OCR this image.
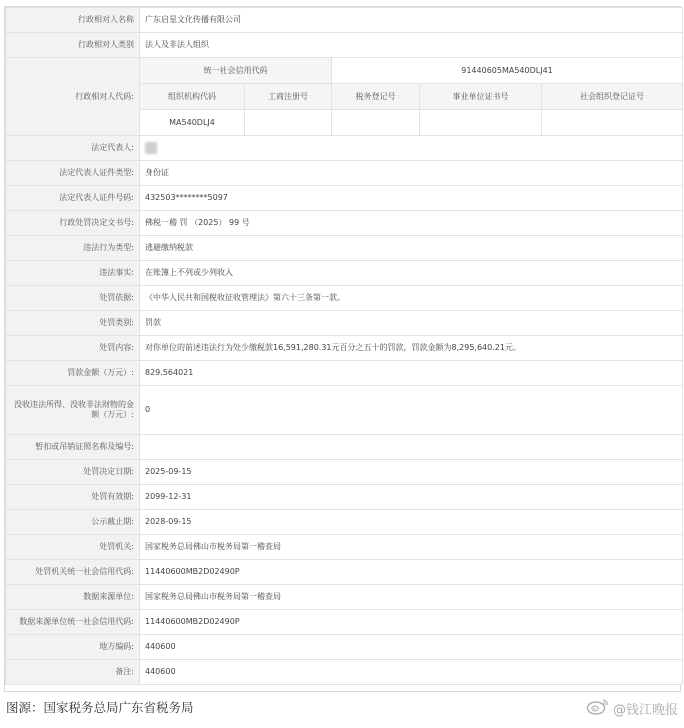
行政相对人名称	广东启星文化传播有限公司				
行政相对人类别	法人及非法人组织				
行政相对人代码:	统一社会信用代码		91440605MA540DLJ41		
	组织机构代码	工商注册号	税务登记号	事业单位证书号	社会组织登记证号
	MA540DLJ4				
法定代表人:					
法定代表人证件类型:	身份证				
法定代表人证件号码:	432503********5097				
行政处罚决定文书号:	佛税一稽 罚 （2025） 99 号				
违法行为类型:	逃避缴纳税款				
违法事实:	在账簿上不列或少列收入				
处罚依据:	《中华人民共和国税收征收管理法》第六十三条第一款。				
处罚类别:	罚款				
处罚内容:	对你单位的前述违法行为处少缴税款16,591,280.31元百分之五十的罚款，罚款金额为8,295,640.21元。				
罚款金额（万元）:	829.564021				
没收违法所得、没收非法财物的金额（万元）:	0				
暂扣或吊销证照名称及编号:					
处罚决定日期:	2025-09-15				
处罚有效期:	2099-12-31				
公示截止期:	2028-09-15				
处罚机关:	国家税务总局佛山市税务局第一稽查局				
处罚机关统一社会信用代码:	11440600MB2D02490P				
数据来源单位:	国家税务总局佛山市税务局第一稽查局				
数据来源单位统一社会信用代码:	11440600MB2D02490P				
地方编码:	440600				
备注:	440600				
图源：国家税务总局广东省税务局	@钱江晚报
